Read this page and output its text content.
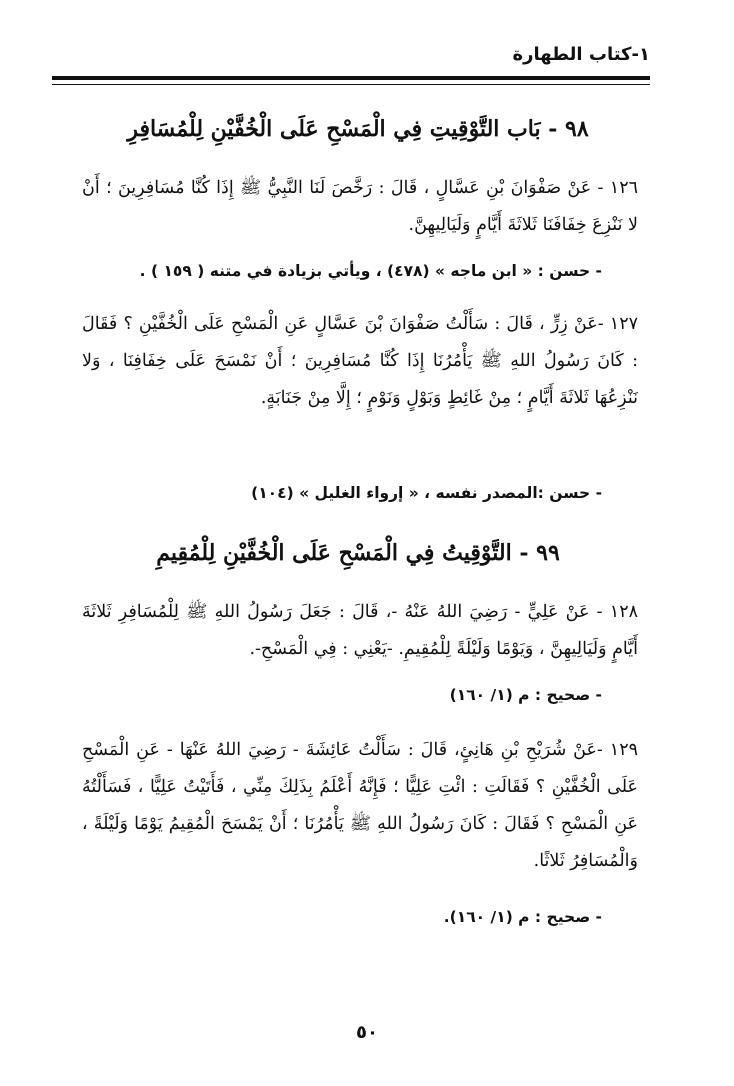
١-كتاب الطهارة
٩٨ - بَاب التَّوْقِيتِ فِي الْمَسْحِ عَلَى الْخُفَّيْنِ لِلْمُسَافِرِ

١٢٦ - عَنْ صَفْوَانَ بْنِ عَسَّالٍ ، قَالَ : رَخَّصَ لَنَا النَّبِيُّ ﷺ إِذَا كُنَّا مُسَافِرِينَ ؛ أَنْ لا نَنْزِعَ خِفَافَنَا ثَلاثَةَ أَيَّامٍ وَلَيَالِيهِنَّ.

- حسن : « ابن ماجه » (٤٧٨) ، ويأتي بزيادة في متنه ( ١٥٩ ) .

١٢٧ -عَنْ زِرٍّ ، قَالَ : سَأَلْتُ صَفْوَانَ بْنَ عَسَّالٍ عَنِ الْمَسْحِ عَلَى الْخُفَّيْنِ ؟ فَقَالَ : كَانَ رَسُولُ اللهِ ﷺ يَأْمُرُنَا إِذَا كُنَّا مُسَافِرِينَ ؛ أَنْ نَمْسَحَ عَلَى خِفَافِنَا ، وَلا نَنْزِعُهَا ثَلاثَةَ أَيَّامٍ ؛ مِنْ غَائِطٍ وَبَوْلٍ وَنَوْمٍ ؛ إِلَّا مِنْ جَنَابَةٍ.

- حسن :المصدر نفسه ، « إرواء الغليل » (١٠٤)
٩٩ - التَّوْقِيتُ فِي الْمَسْحِ عَلَى الْخُفَّيْنِ لِلْمُقِيمِ

١٢٨ - عَنْ عَلِيٍّ - رَضِيَ اللهُ عَنْهُ -، قَالَ : جَعَلَ رَسُولُ اللهِ ﷺ لِلْمُسَافِرِ ثَلاثَةَ أَيَّامٍ وَلَيَالِيهِنَّ ، وَيَوْمًا وَلَيْلَةً لِلْمُقِيمِ. -يَعْنِي : فِي الْمَسْحِ-.

- صحيح : م (١/ ١٦٠)

١٢٩ -عَنْ شُرَيْحِ بْنِ هَانِئٍ، قَالَ : سَأَلْتُ عَائِشَةَ - رَضِيَ اللهُ عَنْهَا - عَنِ الْمَسْحِ عَلَى الْخُفَّيْنِ ؟ فَقَالَتِ : ائْتِ عَلِيًّا ؛ فَإِنَّهُ أَعْلَمُ بِذَلِكَ مِنِّي ، فَأَتَيْتُ عَلِيًّا ، فَسَأَلْتُهُ عَنِ الْمَسْحِ ؟ فَقَالَ : كَانَ رَسُولُ اللهِ ﷺ يَأْمُرُنَا ؛ أَنْ يَمْسَحَ الْمُقِيمُ يَوْمًا وَلَيْلَةً ، وَالْمُسَافِرُ ثَلاثًا.

- صحيح : م (١/ ١٦٠).
٥٠
